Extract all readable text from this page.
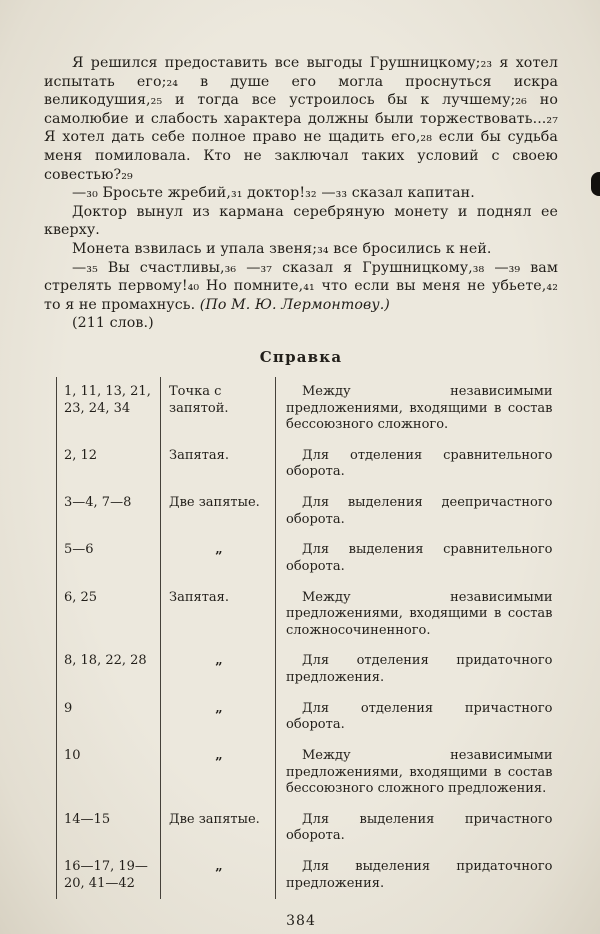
Я решился предоставить все выгоды Грушницкому;₂₃ я хотел испытать его;₂₄ в душе его могла проснуться искра великодушия,₂₅ и тогда все устроилось бы к лучшему;₂₆ но самолюбие и слабость характера должны были торжествовать...₂₇ Я хотел дать себе полное право не щадить его,₂₈ если бы судьба меня помиловала. Кто не заключал таких условий с своею совестью?₂₉

—₃₀ Бросьте жребий,₃₁ доктор!₃₂ —₃₃ сказал капитан.

Доктор вынул из кармана серебряную монету и поднял ее кверху.

Монета взвилась и упала звеня;₃₄ все бросились к ней.

—₃₅ Вы счастливы,₃₆ —₃₇ сказал я Грушницкому,₃₈ —₃₉ вам стрелять первому!₄₀ Но помните,₄₁ что если вы меня не убьете,₄₂ то я не промахнусь. (По М. Ю. Лермонтову.)

(211 слов.)

Справка
1, 11, 13, 21, 23, 24, 34	Точка с запятой.	Между независимыми предложениями, входящими в состав бессоюзного сложного.
2, 12	Запятая.	Для отделения сравнительного оборота.
3—4, 7—8	Две запятые.	Для выделения деепричастного оборота.
5—6	„	Для выделения сравнительного оборота.
6, 25	Запятая.	Между независимыми предложениями, входящими в состав сложносочиненного.
8, 18, 22, 28	„	Для отделения придаточного предложения.
9	„	Для отделения причастного оборота.
10	„	Между независимыми предложениями, входящими в состав бессоюзного сложного предложения.
14—15	Две запятые.	Для выделения причастного оборота.
16—17, 19—20, 41—42	„	Для выделения придаточного предложения.
384
